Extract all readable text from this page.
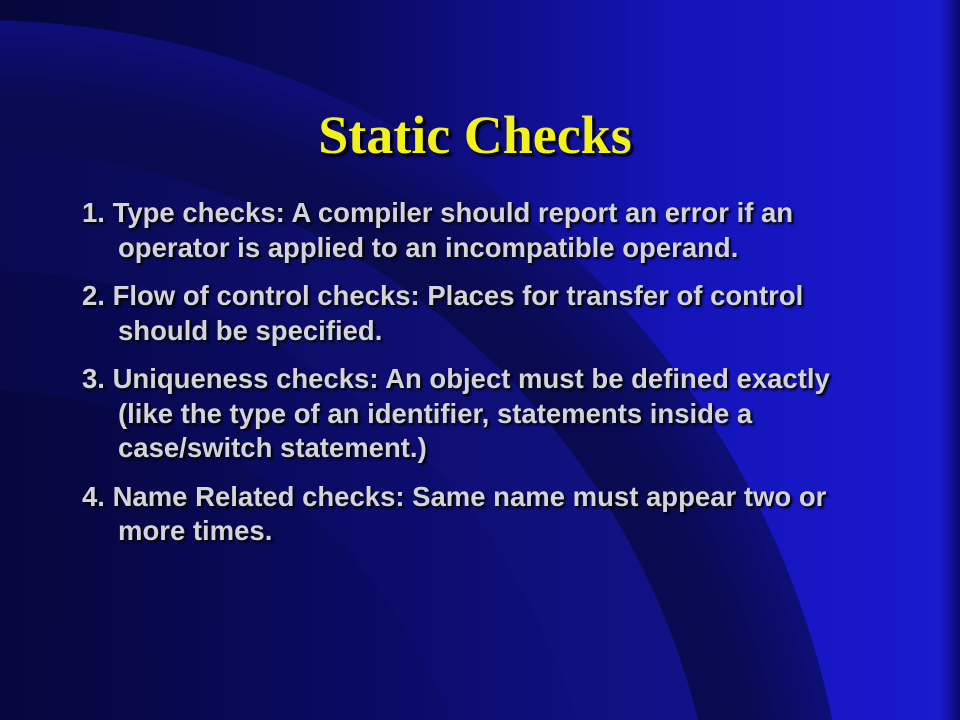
Static Checks
1. Type checks: A compiler should report an error if an operator is applied to an incompatible operand.
2. Flow of control checks: Places for transfer of control should be specified.
3. Uniqueness checks: An object must be defined exactly (like the type of an identifier, statements inside a case/switch statement.)
4. Name Related checks: Same name must appear two or more times.
